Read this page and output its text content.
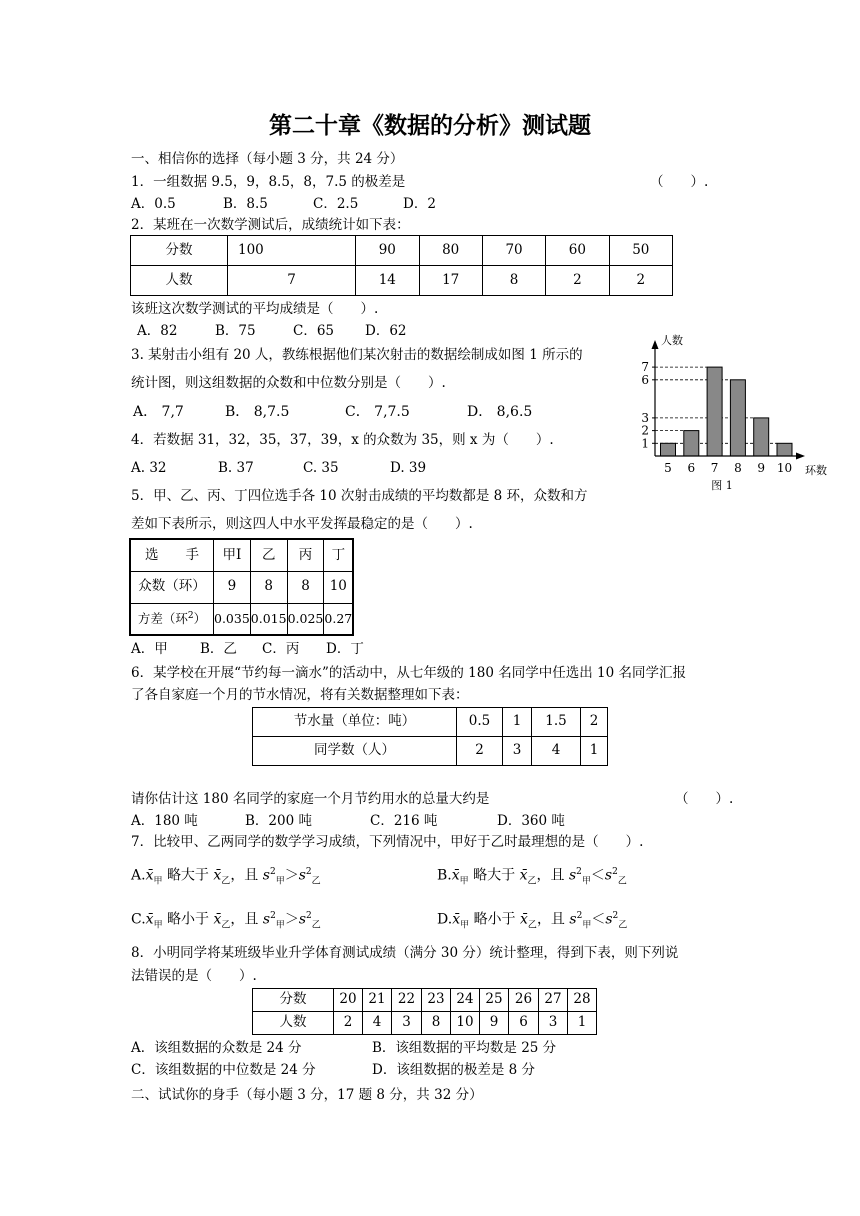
第二十章《数据的分析》测试题
一、相信你的选择（每小题 3 分，共 24 分）
1．一组数据 9.5，9，8.5，8，7.5 的极差是	（　　）.
A．0.5	B．8.5	C．2.5	D．2
2．某班在一次数学测试后，成绩统计如下表：
分数	100	90	80	70	60	50
人数	7	14	17	8	2	2
该班这次数学测试的平均成绩是（　　）.
A．82	B．75	C．65 D．62
3. 某射击小组有 20 人，教练根据他们某次射击的数据绘制成如图 1 所示的
统计图，则这组数据的众数和中位数分别是（　　）.
A． 7,7	B． 8,7.5	C． 7,7.5	D． 8,6.5
5 6 7 8 9 10
1
2
3
6
7
人数
环数
图 1
4．若数据 31，32，35，37，39，x 的众数为 35，则 x 为（　　）.
A. 32	B. 37	C. 35	D. 39
5．甲、乙、丙、丁四位选手各 10 次射击成绩的平均数都是 8 环，众数和方
差如下表所示，则这四人中水平发挥最稳定的是（　　）.
选　　手	甲I	乙	丙	丁
众数（环）	9	8	8	10
方差（环$^2$）	0.035	0.015	0.025	0.27
A．甲 B．乙 C．丙 D．丁
6．某学校在开展“节约每一滴水”的活动中，从七年级的 180 名同学中任选出 10 名同学汇报
了各自家庭一个月的节水情况，将有关数据整理如下表：
节水量（单位：吨）	0.5	1	1.5	2
同学数（人）	2	3	4	1
请你估计这 180 名同学的家庭一个月节约用水的总量大约是	（　　）.
A．180 吨	B．200 吨	C．216 吨	D．360 吨
7．比较甲、乙两同学的数学学习成绩，下列情况中，甲好于乙时最理想的是（　　）.
$A.x̄_甲$ 略大于 $x̄_乙$，且 $s^2_甲>s^2_乙$	$B.x̄_甲$ 略大于 $x̄_乙$，且 $s^2_甲<s^2_乙$
$C.x̄_甲$ 略小于 $x̄_乙$，且 $s^2_甲>s^2_乙$	$D.x̄_甲$ 略小于 $x̄_乙$，且 $s^2_甲<s^2_乙$
8．小明同学将某班级毕业升学体育测试成绩（满分 30 分）统计整理，得到下表，则下列说
法错误的是（　　）.
分数	20	21	22	23	24	25	26	27	28
人数	2	4	3	8	10	9	6	3	1
A．该组数据的众数是 24 分	B．该组数据的平均数是 25 分
C．该组数据的中位数是 24 分	D．该组数据的极差是 8 分
二、试试你的身手（每小题 3 分，17 题 8 分，共 32 分）
